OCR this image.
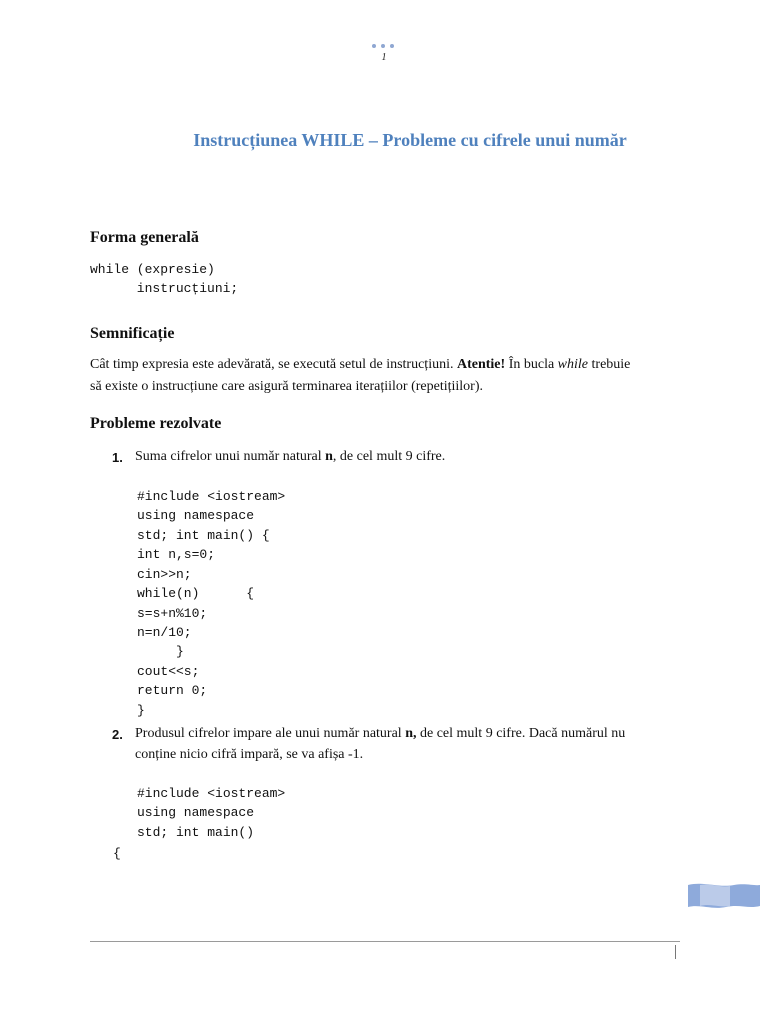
1
Instrucțiunea WHILE – Probleme cu cifrele unui număr
Forma generală
while (expresie)
instrucțiuni;
Semnificație
Cât timp expresia este adevărată, se execută setul de instrucțiuni. Atentie! În bucla while trebuie
să existe o instrucțiune care asigură terminarea iterațiilor (repetițiilor).
Probleme rezolvate
1. Suma cifrelor unui număr natural n, de cel mult 9 cifre.
#include <iostream>
using namespace
std; int main() {
int n,s=0;
cin>>n;
while(n)      {
s=s+n%10;
n=n/10;
}
cout<<s;
return 0;
}
2. Produsul cifrelor impare ale unui număr natural n, de cel mult 9 cifre. Dacă numărul nu
conține nicio cifră impară, se va afișa -1.
#include <iostream>
using namespace
std; int main()
{
